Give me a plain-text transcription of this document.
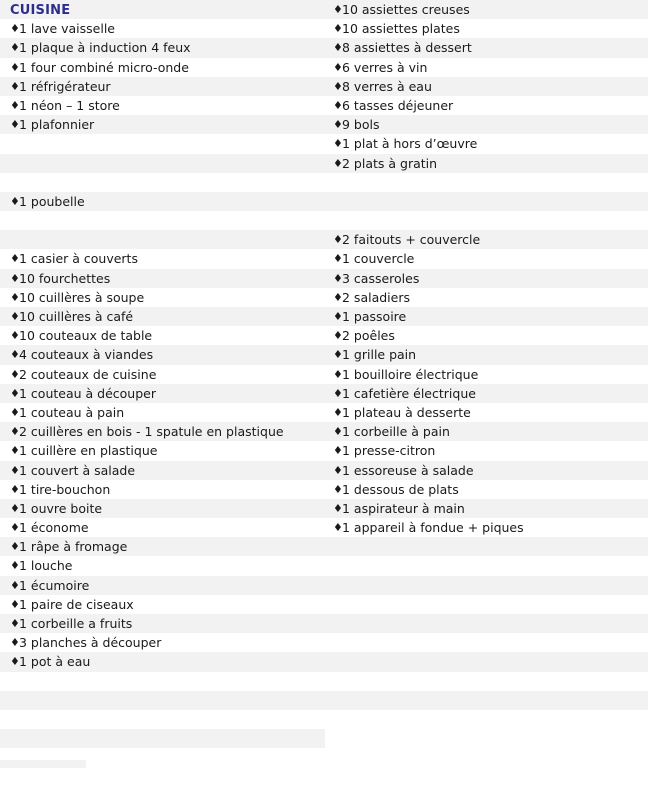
CUISINE
♦1 lave vaisselle
♦1 plaque à induction 4 feux
♦1 four combiné micro-onde
♦1 réfrigérateur
♦1 néon – 1 store
♦1 plafonnier

♦1 poubelle

♦1 casier à couverts
♦10 fourchettes
♦10 cuillères à soupe
♦10 cuillères à café
♦10 couteaux de table
♦4 couteaux à viandes
♦2 couteaux de cuisine
♦1 couteau à découper
♦1 couteau à pain
♦2 cuillères en bois - 1 spatule en plastique
♦1 cuillère en plastique
♦1 couvert à salade
♦1 tire-bouchon
♦1 ouvre boite
♦1 économe
♦1 râpe à fromage
♦1 louche
♦1 écumoire
♦1 paire de ciseaux
♦1 corbeille a fruits
♦3 planches à découper
♦1 pot à eau

♦10 assiettes creuses
♦10 assiettes plates
♦8 assiettes à dessert
♦6 verres à vin
♦8 verres à eau
♦6 tasses déjeuner
♦9 bols
♦1 plat à hors d’œuvre
♦2 plats à gratin

♦2 faitouts + couvercle
♦1 couvercle
♦3 casseroles
♦2 saladiers
♦1 passoire
♦2 poêles
♦1 grille pain
♦1 bouilloire électrique
♦1 cafetière électrique
♦1 plateau à desserte
♦1 corbeille à pain
♦1 presse-citron
♦1 essoreuse à salade
♦1 dessous de plats
♦1 aspirateur à main
♦1 appareil à fondue + piques
